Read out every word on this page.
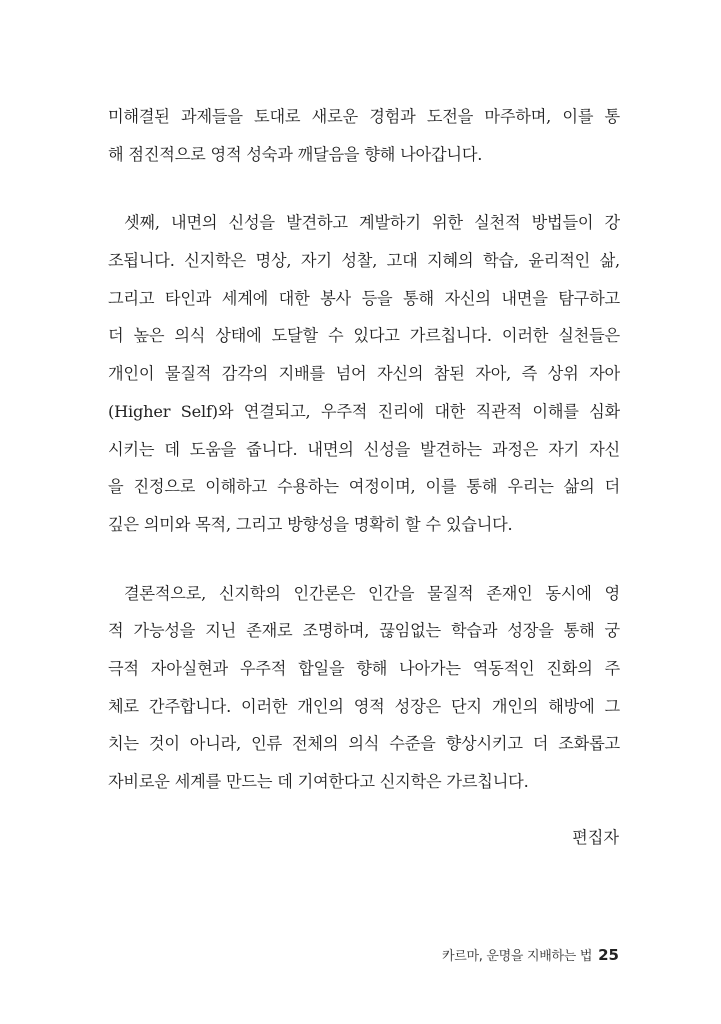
미해결된 과제들을 토대로 새로운 경험과 도전을 마주하며, 이를 통

해 점진적으로 영적 성숙과 깨달음을 향해 나아갑니다.

셋째, 내면의 신성을 발견하고 계발하기 위한 실천적 방법들이 강

조됩니다. 신지학은 명상, 자기 성찰, 고대 지혜의 학습, 윤리적인 삶,

그리고 타인과 세계에 대한 봉사 등을 통해 자신의 내면을 탐구하고

더 높은 의식 상태에 도달할 수 있다고 가르칩니다. 이러한 실천들은

개인이 물질적 감각의 지배를 넘어 자신의 참된 자아, 즉 상위 자아

(Higher Self)와 연결되고, 우주적 진리에 대한 직관적 이해를 심화

시키는 데 도움을 줍니다. 내면의 신성을 발견하는 과정은 자기 자신

을 진정으로 이해하고 수용하는 여정이며, 이를 통해 우리는 삶의 더

깊은 의미와 목적, 그리고 방향성을 명확히 할 수 있습니다.

결론적으로, 신지학의 인간론은 인간을 물질적 존재인 동시에 영

적 가능성을 지닌 존재로 조명하며, 끊임없는 학습과 성장을 통해 궁

극적 자아실현과 우주적 합일을 향해 나아가는 역동적인 진화의 주

체로 간주합니다. 이러한 개인의 영적 성장은 단지 개인의 해방에 그

치는 것이 아니라, 인류 전체의 의식 수준을 향상시키고 더 조화롭고

자비로운 세계를 만드는 데 기여한다고 신지학은 가르칩니다.

편집자
카르마, 운명을 지배하는 법 25
